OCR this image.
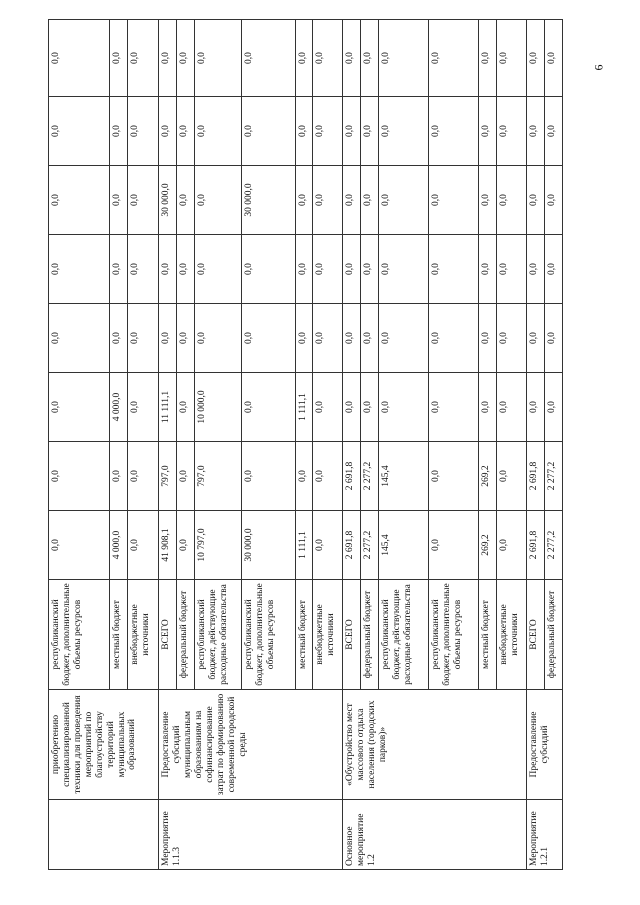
	приобретению специализированной техники для проведения мероприятий по благоустройству территорий муниципальных образований	республиканский бюджет, дополнительные объемы ресурсов	0,0	0,0	0,0	0,0	0,0	0,0	0,0	0,0
		местный бюджет	4 000,0	0,0	4 000,0	0,0	0,0	0,0	0,0	0,0
		внебюджетные источники	0,0	0,0	0,0	0,0	0,0	0,0	0,0	0,0
Мероприятие 1.1.3	Предоставление субсидий муниципальным образованиям на софинансирование затрат по формированию современной городской среды	ВСЕГО	41 908,1	797,0	11 111,1	0,0	0,0	30 000,0	0,0	0,0
		федеральный бюджет	0,0	0,0	0,0	0,0	0,0	0,0	0,0	0,0
		республиканский бюджет, действующие расходные обязательства	10 797,0	797,0	10 000,0	0,0	0,0	0,0	0,0	0,0
		республиканский бюджет, дополнительные объемы ресурсов	30 000,0	0,0	0,0	0,0	0,0	30 000,0	0,0	0,0
		местный бюджет	1 111,1	0,0	1 111,1	0,0	0,0	0,0	0,0	0,0
		внебюджетные источники	0,0	0,0	0,0	0,0	0,0	0,0	0,0	0,0
Основное мероприятие 1.2	«Обустройство мест массового отдыха населения (городских парков)»	ВСЕГО	2 691,8	2 691,8	0,0	0,0	0,0	0,0	0,0	0,0
		федеральный бюджет	2 277,2	2 277,2	0,0	0,0	0,0	0,0	0,0	0,0
		республиканский бюджет, действующие расходные обязательства	145,4	145,4	0,0	0,0	0,0	0,0	0,0	0,0
		республиканский бюджет, дополнительные объемы ресурсов	0,0	0,0	0,0	0,0	0,0	0,0	0,0	0,0
		местный бюджет	269,2	269,2	0,0	0,0	0,0	0,0	0,0	0,0
		внебюджетные источники	0,0	0,0	0,0	0,0	0,0	0,0	0,0	0,0
Мероприятие 1.2.1	Предоставление субсидий	ВСЕГО	2 691,8	2 691,8	0,0	0,0	0,0	0,0	0,0	0,0
		федеральный бюджет	2 277,2	2 277,2	0,0	0,0	0,0	0,0	0,0	0,0
6
